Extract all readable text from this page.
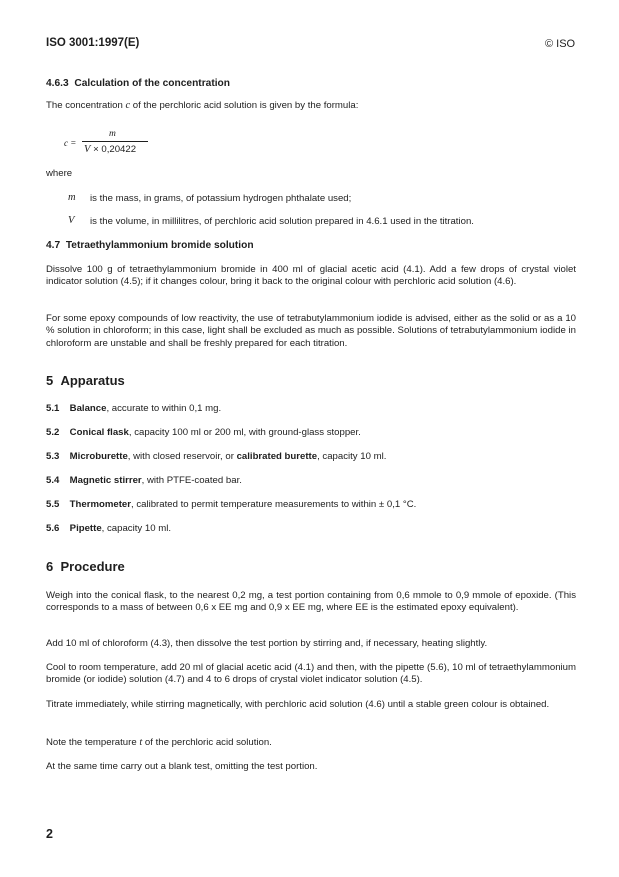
ISO 3001:1997(E)	© ISO
4.6.3 Calculation of the concentration
The concentration c of the perchloric acid solution is given by the formula:
c =
m
V × 0,20422
where
m	is the mass, in grams, of potassium hydrogen phthalate used;
V	is the volume, in millilitres, of perchloric acid solution prepared in 4.6.1 used in the titration.
4.7 Tetraethylammonium bromide solution
Dissolve 100 g of tetraethylammonium bromide in 400 ml of glacial acetic acid (4.1). Add a few drops of crystal violet indicator solution (4.5); if it changes colour, bring it back to the original colour with perchloric acid solution (4.6).
For some epoxy compounds of low reactivity, the use of tetrabutylammonium iodide is advised, either as the solid or as a 10 % solution in chloroform; in this case, light shall be excluded as much as possible. Solutions of tetrabutylammonium iodide in chloroform are unstable and shall be freshly prepared for each titration.
5 Apparatus
5.1 Balance, accurate to within 0,1 mg.
5.2 Conical flask, capacity 100 ml or 200 ml, with ground-glass stopper.
5.3 Microburette, with closed reservoir, or calibrated burette, capacity 10 ml.
5.4 Magnetic stirrer, with PTFE-coated bar.
5.5 Thermometer, calibrated to permit temperature measurements to within ± 0,1 °C.
5.6 Pipette, capacity 10 ml.
6 Procedure
Weigh into the conical flask, to the nearest 0,2 mg, a test portion containing from 0,6 mmole to 0,9 mmole of epoxide. (This corresponds to a mass of between 0,6 x EE mg and 0,9 x EE mg, where EE is the estimated epoxy equivalent).
Add 10 ml of chloroform (4.3), then dissolve the test portion by stirring and, if necessary, heating slightly.
Cool to room temperature, add 20 ml of glacial acetic acid (4.1) and then, with the pipette (5.6), 10 ml of tetraethylammonium bromide (or iodide) solution (4.7) and 4 to 6 drops of crystal violet indicator solution (4.5).
Titrate immediately, while stirring magnetically, with perchloric acid solution (4.6) until a stable green colour is obtained.
Note the temperature t of the perchloric acid solution.
At the same time carry out a blank test, omitting the test portion.
2
